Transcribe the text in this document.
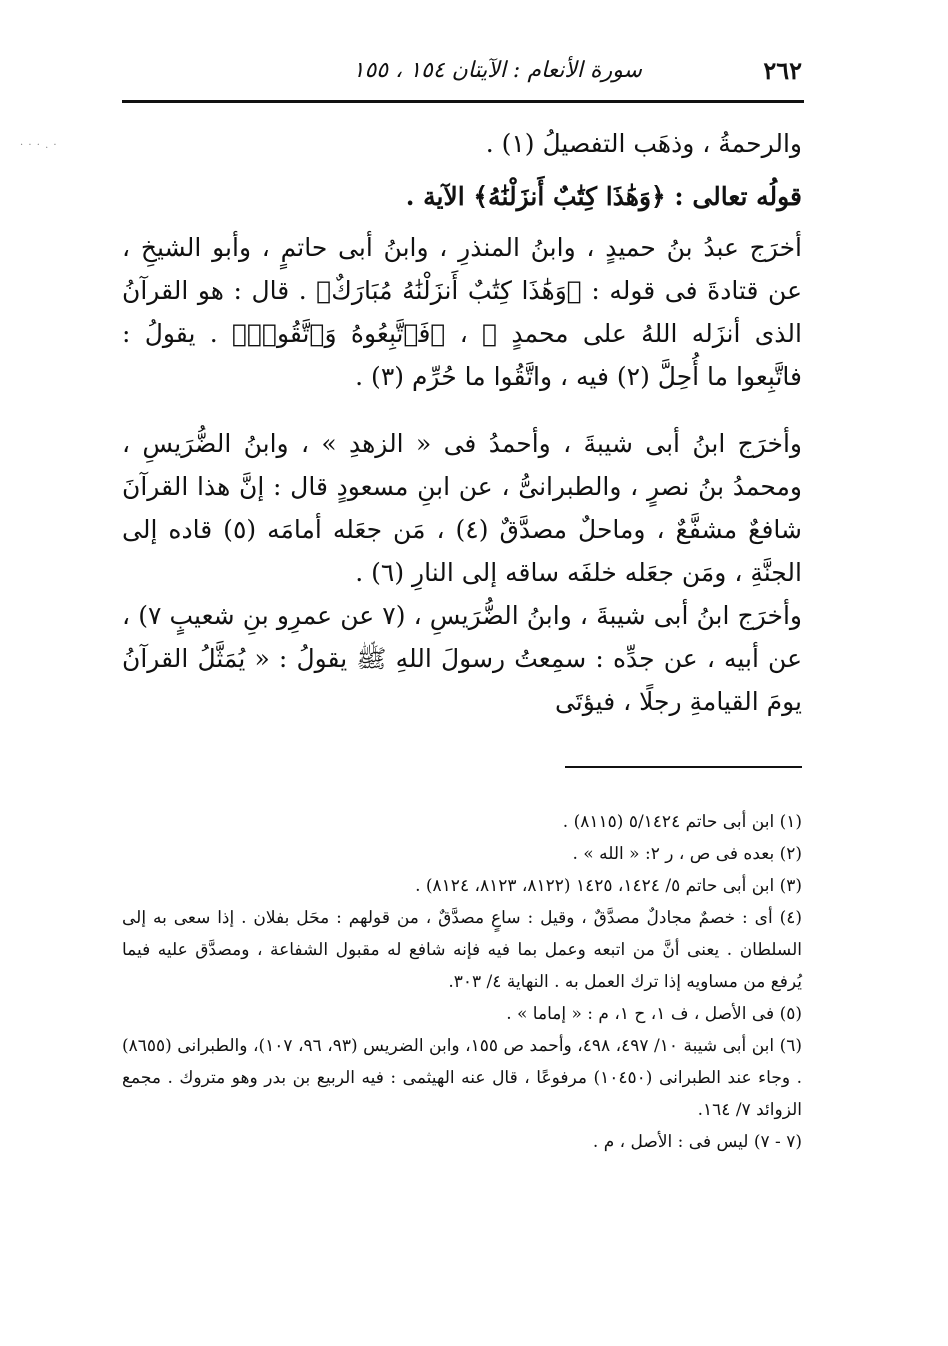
· · · . ·
٢٦٢
سورة الأنعام : الآيتان ١٥٤ ، ١٥٥

والرحمةُ ، وذهَب التفصيلُ (١) .

قولُه تعالى : ﴿وَهَٰذَا كِتَٰبٌ أَنزَلْنَٰهُ﴾ الآية .

أخرَج عبدُ بنُ حميدٍ ، وابنُ المنذرِ ، وابنُ أبى حاتمٍ ، وأبو الشيخِ ، عن قتادةَ فى قوله : ﴿وَهَٰذَا كِتَٰبٌ أَنزَلْنَٰهُ مُبَارَكٌ﴾ . قال : هو القرآنُ الذى أنزَله اللهُ على محمدٍ ﷺ ، ﴿فَٱتَّبِعُوهُ وَٱتَّقُوا۟﴾ . يقولُ : فاتَّبِعوا ما أُحِلَّ (٢) فيه ، واتَّقُوا ما حُرِّم (٣) .

وأخرَج ابنُ أبى شيبةَ ، وأحمدُ فى « الزهدِ » ، وابنُ الضُّرَيسِ ، ومحمدُ بنُ نصرٍ ، والطبرانىُّ ، عن ابنِ مسعودٍ قال : إنَّ هذا القرآنَ شافعٌ مشفَّعٌ ، وماحلٌ مصدَّقٌ (٤) ، مَن جعَله أمامَه (٥) قاده إلى الجنَّةِ ، ومَن جعَله خلفَه ساقه إلى النارِ (٦) .

وأخرَج ابنُ أبى شيبةَ ، وابنُ الضُّرَيسِ ، (٧ عن عمرِو بنِ شعيبٍ ٧) ، عن أبيه ، عن جدِّه : سمِعتُ رسولَ اللهِ ﷺ يقولُ : « يُمَثَّلُ القرآنُ يومَ القيامةِ رجلًا ، فيؤتَى

(١) ابن أبى حاتم ٥/١٤٢٤ (٨١١٥) .

(٢) بعده فى ص ، ر ٢: « الله » .

(٣) ابن أبى حاتم ٥/ ١٤٢٤، ١٤٢٥ (٨١٢٢، ٨١٢٣، ٨١٢٤) .

(٤) أى : خصمٌ مجادلٌ مصدَّقٌ ، وقيل : ساعٍ مصدَّقٌ ، من قولهم : محَل بفلان . إذا سعى به إلى السلطان . يعنى أنَّ من اتبعه وعمل بما فيه فإنه شافع له مقبول الشفاعة ، ومصدَّق عليه فيما يُرفع من مساويه إذا ترك العمل به . النهاية ٤/ ٣٠٣.

(٥) فى الأصل ، ف ١، ح ١، م : « إماما » .

(٦) ابن أبى شيبة ١٠/ ٤٩٧، ٤٩٨، وأحمد ص ١٥٥، وابن الضريس (٩٣، ٩٦، ١٠٧)، والطبرانى (٨٦٥٥) . وجاء عند الطبرانى (١٠٤٥٠) مرفوعًا ، قال عنه الهيثمى : فيه الربيع بن بدر وهو متروك . مجمع الزوائد ٧/ ١٦٤.

(٧ - ٧) ليس فى : الأصل ، م .
